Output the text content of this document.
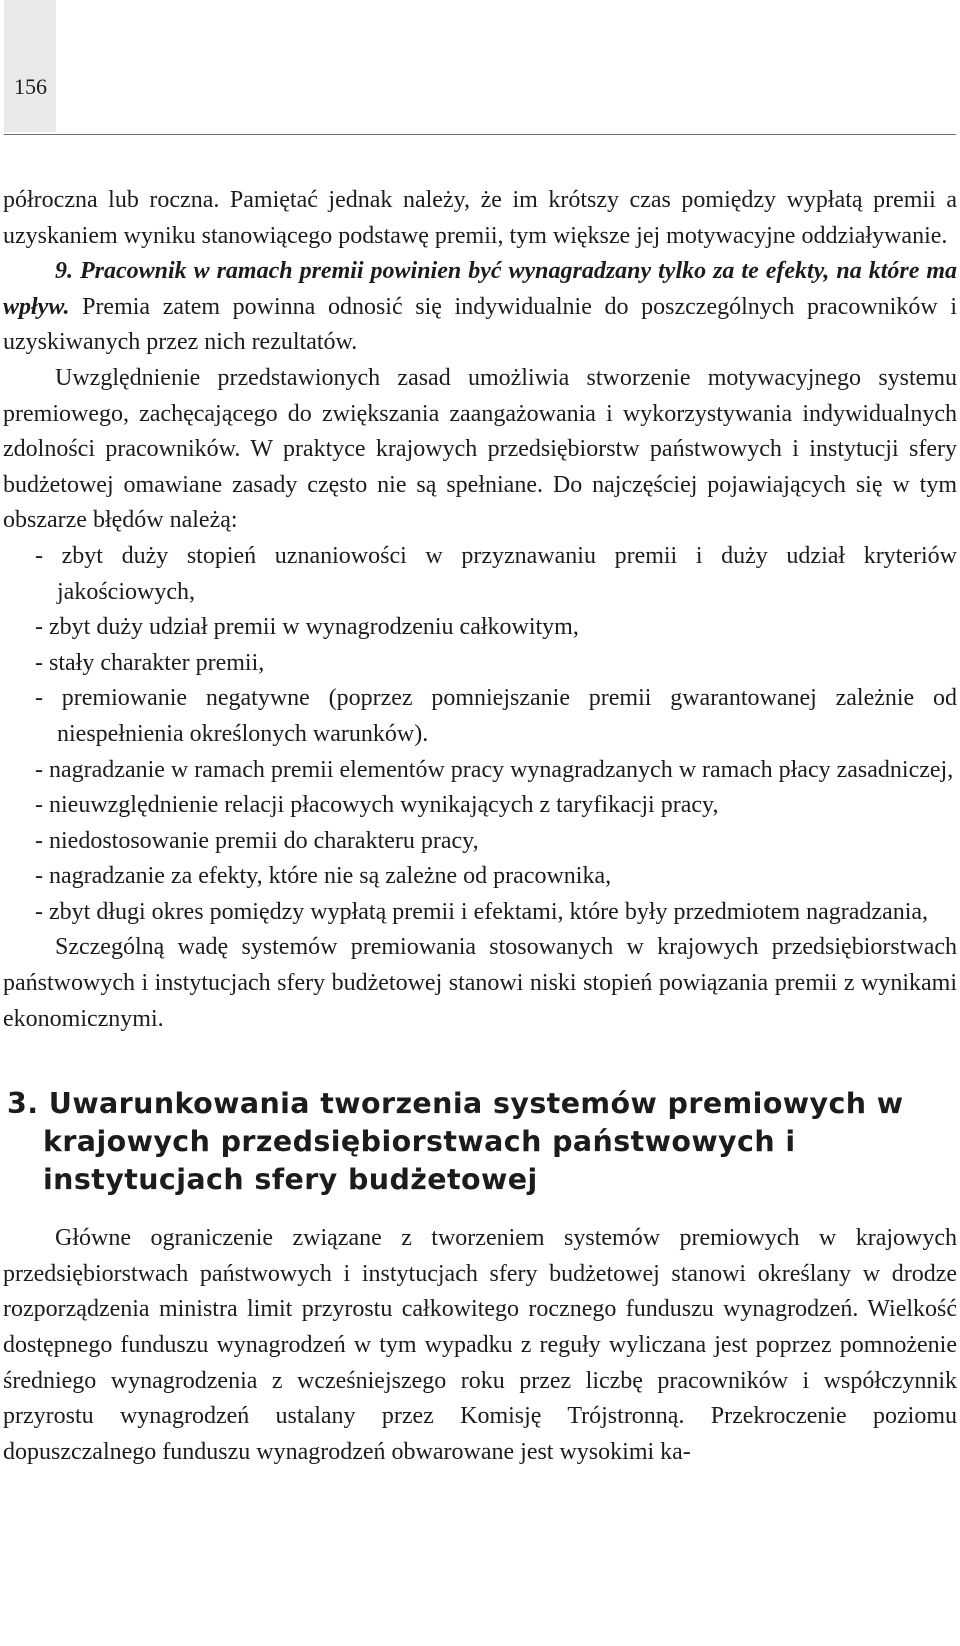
156

półroczna lub roczna. Pamiętać jednak należy, że im krótszy czas pomiędzy wypłatą premii a uzyskaniem wyniku stanowiącego podstawę premii, tym większe jej motywacyjne oddziaływanie.

9. Pracownik w ramach premii powinien być wynagradzany tylko za te efekty, na które ma wpływ. Premia zatem powinna odnosić się indywidualnie do poszczególnych pracowników i uzyskiwanych przez nich rezultatów.

Uwzględnienie przedstawionych zasad umożliwia stworzenie motywacyjnego systemu premiowego, zachęcającego do zwiększania zaangażowania i wykorzystywania indywidualnych zdolności pracowników. W praktyce krajowych przedsiębiorstw państwowych i instytucji sfery budżetowej omawiane zasady często nie są spełniane. Do najczęściej pojawiających się w tym obszarze błędów należą:

- zbyt duży stopień uznaniowości w przyznawaniu premii i duży udział kryteriów jakościowych,
- zbyt duży udział premii w wynagrodzeniu całkowitym,
- stały charakter premii,
- premiowanie negatywne (poprzez pomniejszanie premii gwarantowanej zależnie od niespełnienia określonych warunków).
- nagradzanie w ramach premii elementów pracy wynagradzanych w ramach płacy zasadniczej,
- nieuwzględnienie relacji płacowych wynikających z taryfikacji pracy,
- niedostosowanie premii do charakteru pracy,
- nagradzanie za efekty, które nie są zależne od pracownika,
- zbyt długi okres pomiędzy wypłatą premii i efektami, które były przedmiotem nagradzania,

Szczególną wadę systemów premiowania stosowanych w krajowych przedsiębiorstwach państwowych i instytucjach sfery budżetowej stanowi niski stopień powiązania premii z wynikami ekonomicznymi.

3. Uwarunkowania tworzenia systemów premiowych w krajowych przedsiębiorstwach państwowych i instytucjach sfery budżetowej

Główne ograniczenie związane z tworzeniem systemów premiowych w krajowych przedsiębiorstwach państwowych i instytucjach sfery budżetowej stanowi określany w drodze rozporządzenia ministra limit przyrostu całkowitego rocznego funduszu wynagrodzeń. Wielkość dostępnego funduszu wynagrodzeń w tym wypadku z reguły wyliczana jest poprzez pomnożenie średniego wynagrodzenia z wcześniejszego roku przez liczbę pracowników i współczynnik przyrostu wynagrodzeń ustalany przez Komisję Trójstronną. Przekroczenie poziomu dopuszczalnego funduszu wynagrodzeń obwarowane jest wysokimi ka-
